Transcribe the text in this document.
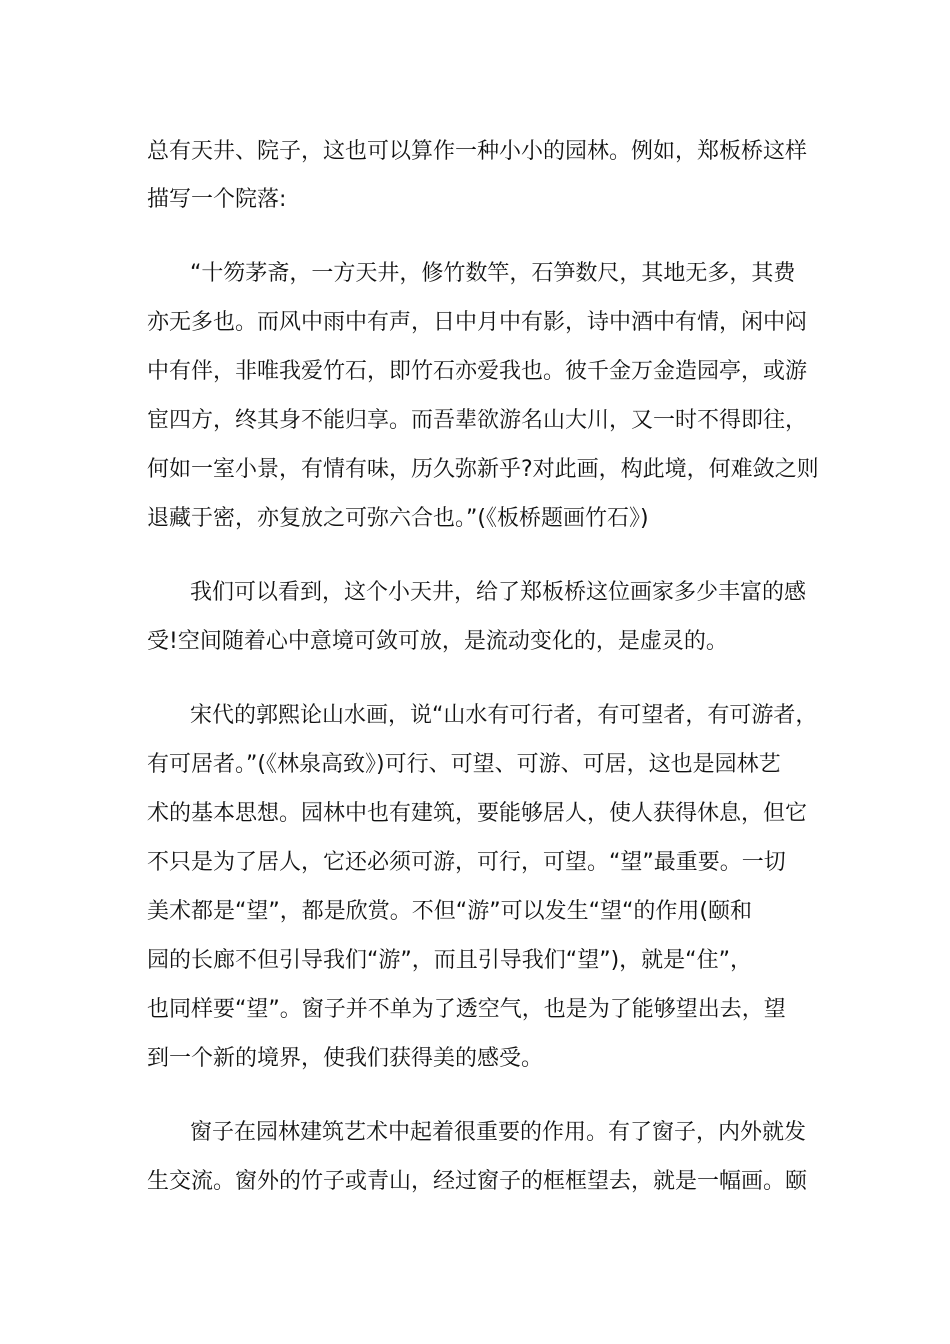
总有天井、院子，这也可以算作一种小小的园林。例如，郑板桥这样
描写一个院落:
“十笏茅斋，一方天井，修竹数竿，石笋数尺，其地无多，其费
亦无多也。而风中雨中有声，日中月中有影，诗中酒中有情，闲中闷
中有伴，非唯我爱竹石，即竹石亦爱我也。彼千金万金造园亭，或游
宦四方，终其身不能归享。而吾辈欲游名山大川，又一时不得即往，
何如一室小景，有情有味，历久弥新乎?对此画，构此境，何难敛之则
退藏于密，亦复放之可弥六合也。”(《板桥题画竹石》)
我们可以看到，这个小天井，给了郑板桥这位画家多少丰富的感
受!空间随着心中意境可敛可放，是流动变化的，是虚灵的。
宋代的郭熙论山水画，说“山水有可行者，有可望者，有可游者，
有可居者。”(《林泉高致》)可行、可望、可游、可居，这也是园林艺
术的基本思想。园林中也有建筑，要能够居人，使人获得休息，但它
不只是为了居人，它还必须可游，可行，可望。“望”最重要。一切
美术都是“望”，都是欣赏。不但“游”可以发生“望“的作用(颐和
园的长廊不但引导我们“游”，而且引导我们“望”)，就是“住”，
也同样要“望”。窗子并不单为了透空气，也是为了能够望出去，望
到一个新的境界，使我们获得美的感受。
窗子在园林建筑艺术中起着很重要的作用。有了窗子，内外就发
生交流。窗外的竹子或青山，经过窗子的框框望去，就是一幅画。颐
